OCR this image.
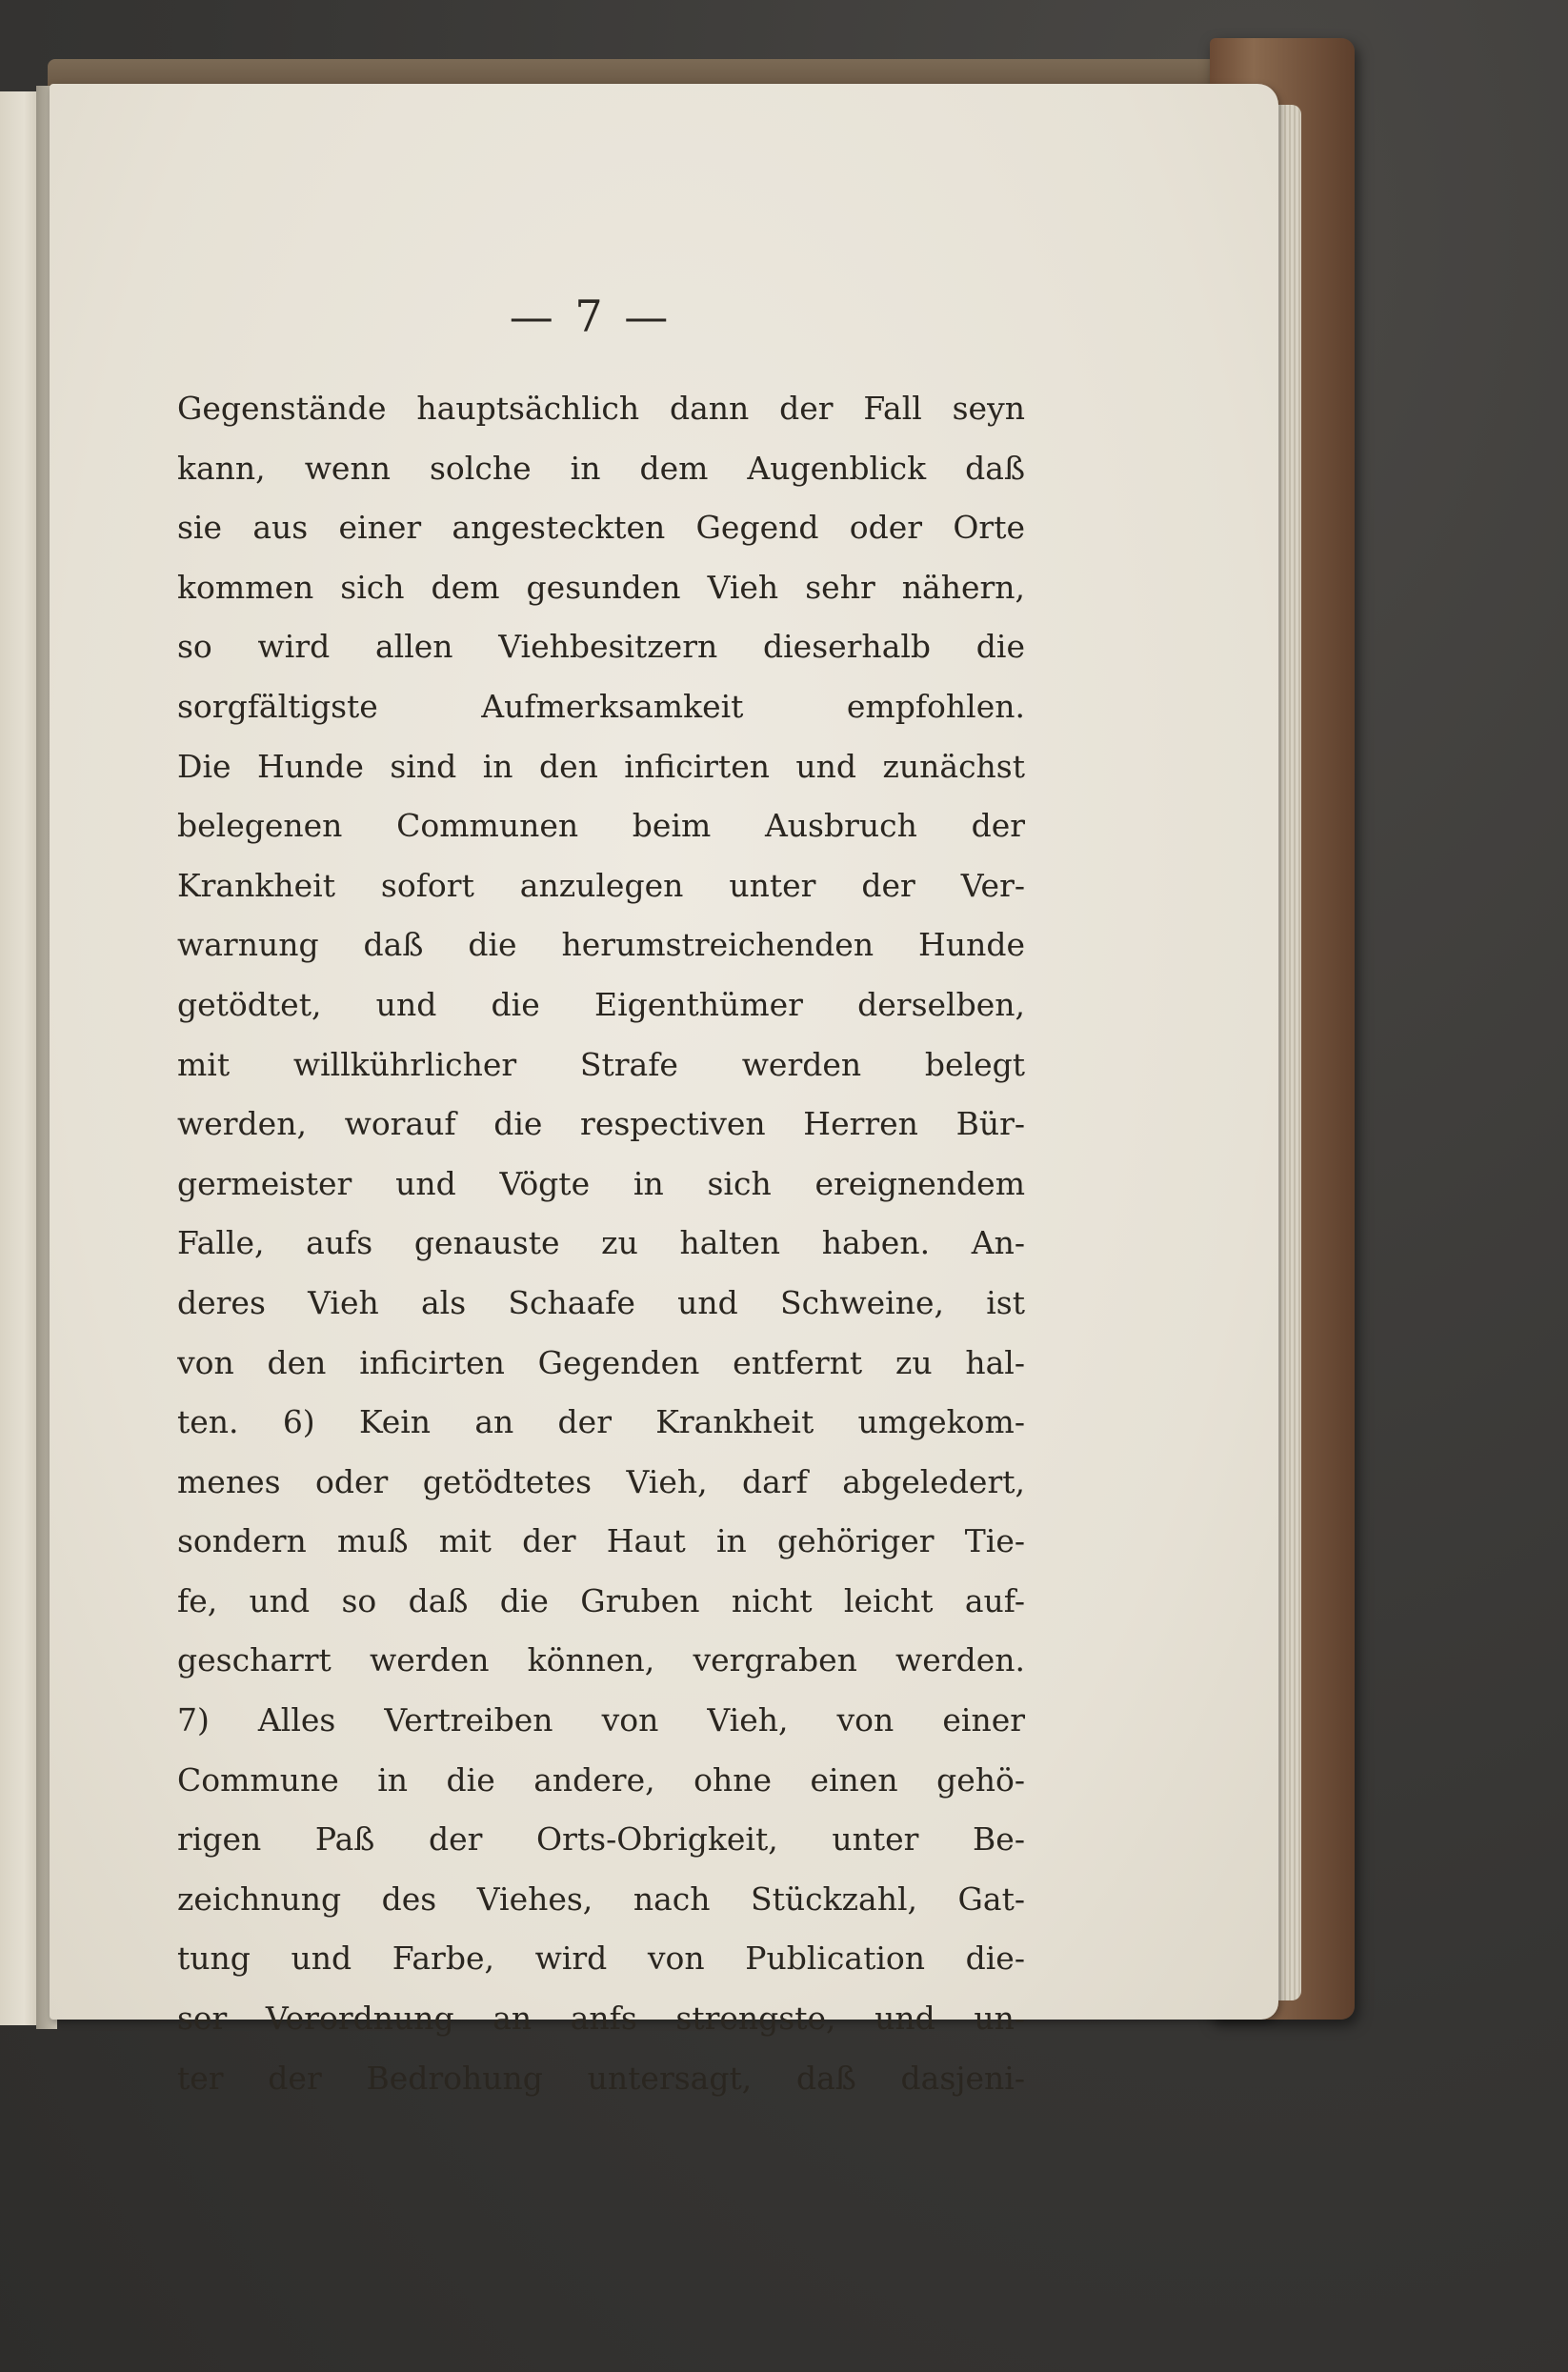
— 7 —
Gegenstände hauptsächlich dann der Fall seyn
kann, wenn solche in dem Augenblick daß
sie aus einer angesteckten Gegend oder Orte
kommen sich dem gesunden Vieh sehr nähern,
so wird allen Viehbesitzern dieserhalb die
sorgfältigste Aufmerksamkeit empfohlen.
Die Hunde sind in den inficirten und zunächst
belegenen Communen beim Ausbruch der
Krankheit sofort anzulegen unter der Ver-
warnung daß die herumstreichenden Hunde
getödtet, und die Eigenthümer derselben,
mit willkührlicher Strafe werden belegt
werden, worauf die respectiven Herren Bür-
germeister und Vögte in sich ereignendem
Falle, aufs genauste zu halten haben. An-
deres Vieh als Schaafe und Schweine, ist
von den inficirten Gegenden entfernt zu hal-
ten. 6) Kein an der Krankheit umgekom-
menes oder getödtetes Vieh, darf abgeledert,
sondern muß mit der Haut in gehöriger Tie-
fe, und so daß die Gruben nicht leicht auf-
gescharrt werden können, vergraben werden.
7) Alles Vertreiben von Vieh, von einer
Commune in die andere, ohne einen gehö-
rigen Paß der Orts-Obrigkeit, unter Be-
zeichnung des Viehes, nach Stückzahl, Gat-
tung und Farbe, wird von Publication die-
ser Verordnung an anfs strengste, und un-
ter der Bedrohung untersagt, daß dasjeni-
